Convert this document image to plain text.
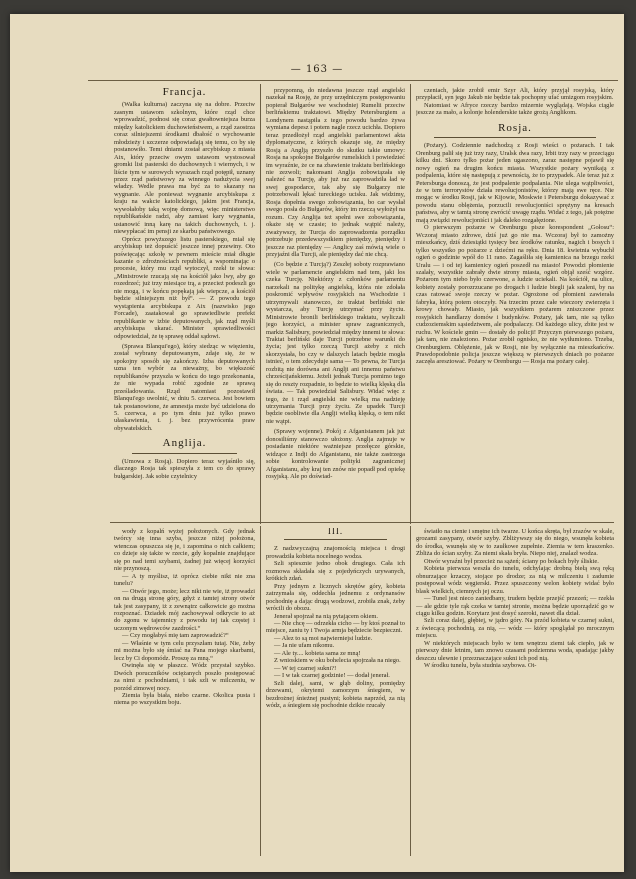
— 163 —
Francja.

(Walka kulturna) zaczyna się na dobre. Przeciw zasnym ustawom szkolnym, które rząd chce wprowadzić, podnosi się coraz gwałtowniejsza burza między katolickiem duchowieństwem, a rząd zaostrza coraz silniejszemi środkami dbałość o wychowanie młodzieży i szczerze odpowiadają się temu, co by się postanowiło. Temi dniami został arcybiskup z miasta Aix, który przeciw owym ustawom wystosował gromki list pasterski do duchownych i wiernych, i w liście tym w surowych wyrazach rząd potępił, uznany przez rząd państwowy za winnego nadużycia swej władzy. Wedle prawa ma być za to skazany na wygnanie. Ale ponieważ wygnanie arcybiskupa z kraju na wakcie katolickiego, jakim jest Francja, wywołałoby taką wojnę domową, więc ministerstwo republikańskie radzi, aby zamiast kary wygnania, ustanowić inną karę na takich duchownych, t. j. niewypłacać im pensji ze skarbu państwowego.

Oprócz powyższego listu pasterskiego, miał się arcybiskup też dopuścić jeszcze innej przewiny. Oto poświęcając szkołę w pewnem mieście miał długie kazanie o zdrożnościach republiki, a wspominając o procesie, który mu rząd wytoczył, rzekł te słowa: „Ministrowie rzucają się na kościół jako lwy, aby go rozedrzeć; już trzy miesiące trą, a przecież podeszli go nie mogą, i w końcu popękają jak wiepcze, a kościół będzie silniejszym niż był“. — Z powodu tego wystąpienia arcybiskupa z Aix (nazwisko jego Forcade), zaatakował go sprawiedliwie prefekt republikanie w izbie deputowanych, jak rząd myśli arcybiskupa ukarać. Minister sprawiedliwości odpowiedział, że tę sprawę oddał sądowi.

(Sprawa Blanqui'ego), który siedząc w więzieniu, został wybrany deputowanym, zdaje się, że w spokojny sposób się zakończy. Izba deputowanych uzna ten wybór za nieważny, bo większość republikanów przyszła w końcu do tego przekonania, że nie wypada robić zgodnie ze sprawą prześladowania. Rząd natomiast pozostawił Blanqui'ego uwolnić, w dniu 5. czerwca. Jest bowiem tak postanowione, że amnestja może być udzielona do 5. czerwca, a po tym dniu już tylko prawo ułaskawienia, t. j. bez przywrócenia praw obywatelskich.

Anglija.

(Umowa z Rosją). Dopiero teraz wyjaśniło się, dlaczego Rosja tak spieszyła z tem co do sprawy bułgarskiej. Jak sobie czytelnicy

przypomną, do niedawna jeszcze rząd angielski nazekał na Rosję, że przy urzędniczym postępowaniu popierał Bułgarów we wschodniej Rumelii przeciw berlińskiemu traktatowi. Między Petersburgiem a Londynem nastąpiła z tego powodu bardzo żywa wymiana depesz i potem nagle rzecz ucichła. Dopiero teraz przedłożył rząd angielski parlamentowi akta dyplomatyczne, z których okazuje się, że między Rosją a Anglją przyszło do skutku takie umowy: Rosja na spokojne Bułgarów rumelskich i powiedzieć im wyraźnie, że ce na zbawienie traktatu berlińskiego nie zezwoli; nakonsani Anglja zobowiązała się należeć na Turcję, aby już raz zaprowadziła ład w swej gospodarce, tak aby się Bułgarzy nie potrzebowali lękać tureckiego ucisku. Jak widzimy, Rosja dopełnia swego zobowiązania, bo car wysłał swego posła do Bułgarów, który im rzeczą wyłożył na rozum. Czy Anglija też spełni swe zobowiązania, okaże się w czasie; to jednak wątpić należy, zważywszy, że Turcja do zaprowadzenia porządku potrzebuje przedewszystkiem pieniędzy, pieniędzy i jeszcze raz pieniędzy — Anglicy zaś mówią wiele o przyjaźni dla Turcji, ale pieniędzy dać nie chcą.

(Co będzie z Turcją?) Zeszłej soboty rozprawiano wiele w parlamencie angielskim nad tem, jaki los czeka Turcję. Niektórzy z członków parlamentu narzekali na politykę angielską, która nie zdołała poskromić wpływów rosyjskich na Wschodzie i utrzymywali stanowczo, że traktat berliński nie wystarcza, aby Turcję utrzymać przy życiu. Ministrowie bronili berlińskiego traktatu, wyliczali jego korzyści, a minister spraw zagranicznych, markiz Salisbury, powiedział między innemi te słowa: Traktat berliński daje Turcji potrzebne warunki do życia; jest tylko rzeczą Turcji ażeby z nich skorzystała, bo czy w dalszych latach będzie mogła istnieć, o tem zdecyduje sama — To pewna, że Turcja rozbitą nie dorówna ani Anglji ani innemu państwu chrześcijańskiemu. Jeżeli jednak Turcja pomimo tego się do reszty rozpadnie, to będzie to wielką klęską dla świata. — Tak powiedział Salisbury. Widać więc z tego, że i rząd angielski nie wielką ma nadzieję utrzymania Turcji przy życiu. Ze upadek Turcji będzie osobliwie dla Anglji wielką klęską, o tem nikt nie wątpi.

(Sprawy wojenne). Pokój z Afganistanem jak już donosiliśmy stanowczo ułożony. Anglja zajmuje w posiadanie niektóre ważniejsze przełęcze górskie, widzące z Indji do Afganistanu, nie także zastrzega sobie kontrolowanie polityki zagranicznej Afganistanu, aby kraj ten znów nie popadł pod opiekę rosyjską. Ale po doświad-

czeniach, jakie zrobił emir Szyr Ali, który przyjął rosyjską, który przypłacił, syn jego Jakub nie będzie tak pochopny ufać umizgom rosyjskim.

Natomiast w Afryce rzeczy bardzo mizernie wyglądają. Wojska ciągle jeszcze za mało, a kolonje holenderskie także grożą Anglikom.

Rosja.

(Pożary). Codziennie nadchodzą z Rosji wieści o pożarach. I tak Orenburg palił się już trzy razy, Uralsk dwa razy, Irbit trzy razy w przeciągu kilku dni. Skoro tylko pożar jeden ugaszono, zaraz następne pojawił się nowy ogień na drugim końcu miasta. Wszystkie pożary wynikają z podpalenia, które się następują z pewnością, że to przypadek. Ale teraz już z Petersburga donoszą, że jest podpalenie podpalania. Nie ulega wątpliwości, że w tem terrorystów działa rewolucjonistów, którzy mają swe ręce. Nie mogąc w środku Rosji, jak w Kijowie, Moskwie i Petersburgu dokazywać z powodu stanu oblężenia, porzucili rewolucjoniści sprężyny na kresach państwa, aby w tamtą stronę zwrócić uwagę rządu. Widać z tego, jak potężne mają związki rewolucjoniści i jak daleko rozgałęzione.

O pierwszym pożarze w Orenburgu pisze korespondent „Gołosu“: Wczoraj miasto zdrowe, dziś już go nie ma. Wczoraj był to zamożny mieszkańcy, dziś dziesiątki tysięcy bez środków ratunku, nagich i bosych i tylko wszystko po pożarze z dziećmi na ręku. Dnia 18. kwietnia wybuchł ogień o godzinie wpół do 11 rano. Zagaśliła się kamienica na brzegu rzeki Uralu — i od tej kamienicy ogień poszedł na miasto! Powodzi płomienie szalały, wszystkie zabrały dwie strony miasta, ogień objął sześć wzgórz. Pożarom tym niebo było czerwone, a ludzie uciekali. Na kościół, na ulice, kobiety zostały porozrzucane po drogach i ludzie biegli jak szaleni, by na czas ratować swoje rzeczy w pożar. Ogrożone od płomieni zawierała fabryka, którą potem otoczyły. Na trzecim przez całe wieczory zwierzęta i krowy chowały. Miasto, jak wszystkiem pożarem zniszczone przez rosyjskich handlarzy domów i budynków. Pożary, jak tam, nie są tylko cudzoziemskim sąsiedztwem, ale podpalaczy. Od każdego ulicy, zbite jest w ruchu. W kościele gmin — dostały do policji! Przyczyn pierwszego pożaru, jak tam, nie znaleziono. Pożar zrobił ognisko, że nie wytłumiono. Trzeba, Orenburgiem. Oblężenie, jak w Rosji, nie by wyłącznie na mieszkańców. Prawdopodobnie policja jeszcze większą w pierwszych dniach po pożarze zaczęła aresztować. Pożary w Orenburgu — Rosja ma pożary całej.

wody z kopalń wyżej położonych. Gdy jednak twórcy się inna szyba, jeszcze niżej położona, wtenczas opuszcza się je, i zapomina o nich całkiem; co dzieje się także w rzecie, gdy kopalnie znajdujące się po nad temi szybami, żadnej już więcej korzyści nie przynoszą.

— A ty myślisz, iż oprócz ciebie nikt nie zna tunelu?

— Otwór jego, może; lecz nikt nie wie, iż prowadzi on na drugą stronę góry, gdyż z tamtej strony otwór tak jest zasypany, iż z zewnątrz całkowicie go można rozpoznać. Dziadek mój zachowywał odkrycie to aż do zgonu w tajemnicy z powodu tej tak częstej i uczonym wędrowców zazdrości.“

— Czy mogłabyś mię tam zaprowadzić?“

— Właśnie w tym celu przyszłam tutaj. Nie, żeby mi można było się śmiać na Pana mojego skarbami, lecz by Ci dopomódz. Proszę za mną.“

Owinęła się w płaszcz. Wódz przystał szybko. Dwóch poruczników ociężanych poszło postępować za nimi z pochodniami, i tak szli w milczeniu, w porzód zimowej nocy.

Ziemia była biała, niebo czarne. Okolica pusta i niema po wszystkim boju.

III.

Z nadzwyczajną znajomością miejsca i drogi prowadziła kobieta nocelnego wodza.

Szli spiesznie jedno obok drugiego. Cała ich rozmowa składała się z pojedyńczych urywanych, krótkich zdań.

Przy jednym z licznych skrętów góry, kobieta zatrzymała się, oddechła jednemu z ordynansów pochodnię a dając drugą wodzowi, zrobiła znak, żeby wrócili do obozu.

Jenerał spojrzał na nią pytającem okiem.

— Nie chcę — odrzekła cicho — by ktoś poznał to miejsce, zaniu ty i Twoja armja będziecie bezpieczni.

— Alez to są moi najwierniejsi ludzie.

— Ja nie ufam nikomu.

— Ale ty.... kobieta sama ze mną!

Z wnioskiem w oku bohelecia spojrzała na niego.

— W tej czarnej sukni?!

— I w tak czarnej godzinie! — dodał jenerał.

Szli dalej, sami, w głąb doliny, pomiędzy drzewami, okrytemi zamorzym śniegiem, w bezdrożnej śnieżnej pustyni; kobieta naprzód, za nią wódz, a śniegiem się pochodnie dzikie rzucały

światło na cienie i smętne ich twarze. U końca skręta, był zrazów w skale, grozami zasypany, otwór szyby. Zbliżywszy się do niego, wsunęła kobieta do środka, wsunęła się w to zaułkowe zupełnie. Ziemia w tem kraszenko. Zbliża do ścian szyby. Za niemi skała bryła. Niepo niej, znalazł wodza.

Otwór wyraźni był przecież na sążeń; ściany po bokach były śliskie.

Kobieta pierwsza weszła do tunelu, odchylając drobną biełą swą ręką obnurzające krzaczy, stojące po drodze; za nią w milczeniu i zadumie postępował wódz węgierski. Przez spuszczony welon kobiety widać było blask wielkich, ciemnych jej oczu.

— Tunel jest nieco zaniedbany, trudem będzie przejść przezeń; — rzekła — ale gdzie tyle rąk czeka w tamtej stronie, można będzie uporządzić go w ciągu kilku godzin. Korytarz jest dosyć szeroki, nawet dla dział.

Szli coraz dalej, głębiej, w jądro góry. Na przód kobieta w czarnej sukni, z świecącą pochodnią, za nią, — wódz — który spoglądał po mrocznym miejscu.

W niektórych miejscach było w tem wnętrzu ziemi tak ciepło, jak w pierwszy dnie letnim, tam znowu czasami podziemna woda, spadając jakby deszczu ulewnie i przeznaczające sukni ich pod nią.

W środku tunelu, była studnia szybowa. Ot-
